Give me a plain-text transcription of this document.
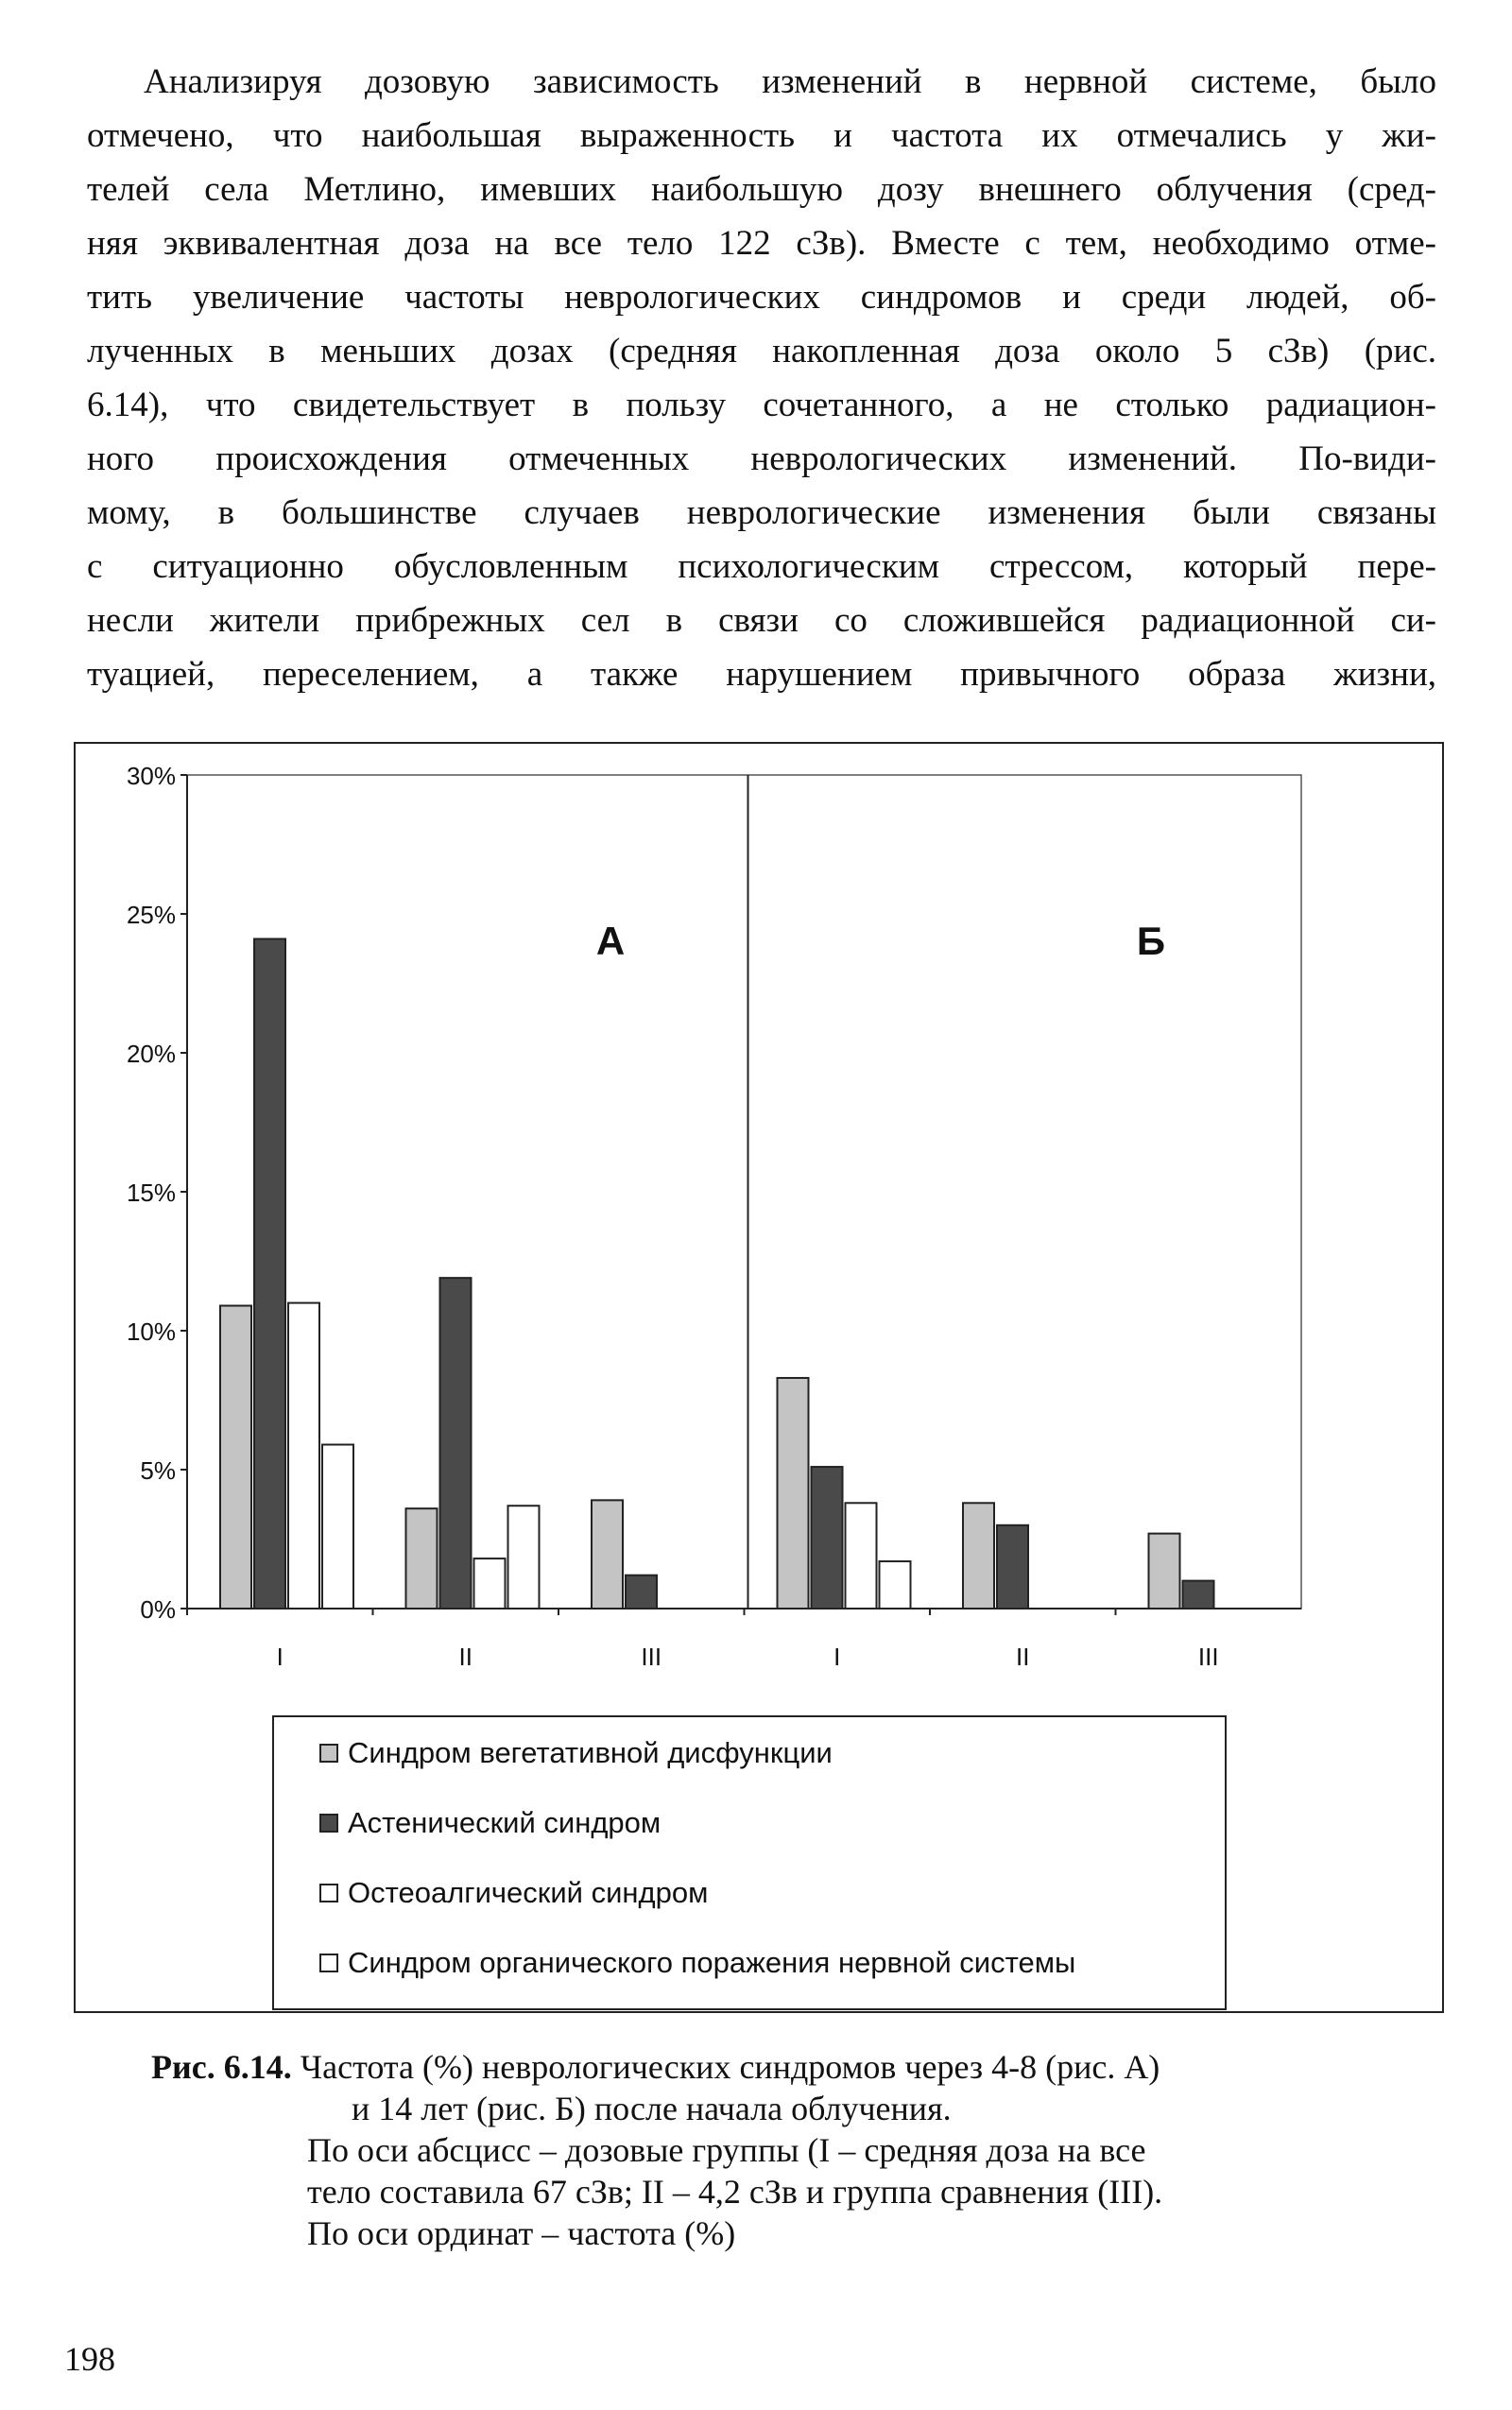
Анализируя дозовую зависимость изменений в нервной системе, было
отмечено, что наибольшая выраженность и частота их отмечались у жи-
телей села Метлино, имевших наибольшую дозу внешнего облучения (сред-
няя эквивалентная доза на все тело 122 сЗв). Вместе с тем, необходимо отме-
тить увеличение частоты неврологических синдромов и среди людей, об-
лученных в меньших дозах (средняя накопленная доза около 5 сЗв) (рис.
6.14), что свидетельствует в пользу сочетанного, а не столько радиацион-
ного происхождения отмеченных неврологических изменений. По-види-
мому, в большинстве случаев неврологические изменения были связаны
с ситуационно обусловленным психологическим стрессом, который пере-
несли жители прибрежных сел в связи со сложившейся радиационной си-
туацией, переселением, а также нарушением привычного образа жизни,
0%
5%
10%
15%
20%
25%
30%
А
I	II	III
Б
I	II	III
Синдром вегетативной дисфункции
Астенический синдром
Остеоалгический синдром
Синдром органического поражения нервной системы
Рис. 6.14. Частота (%) неврологических синдромов через 4-8 (рис. А)
и 14 лет (рис. Б) после начала облучения.
По оси абсцисс – дозовые группы (I – средняя доза на все
тело составила 67 сЗв; II – 4,2 сЗв и группа сравнения (III).
По оси ординат – частота (%)
198
